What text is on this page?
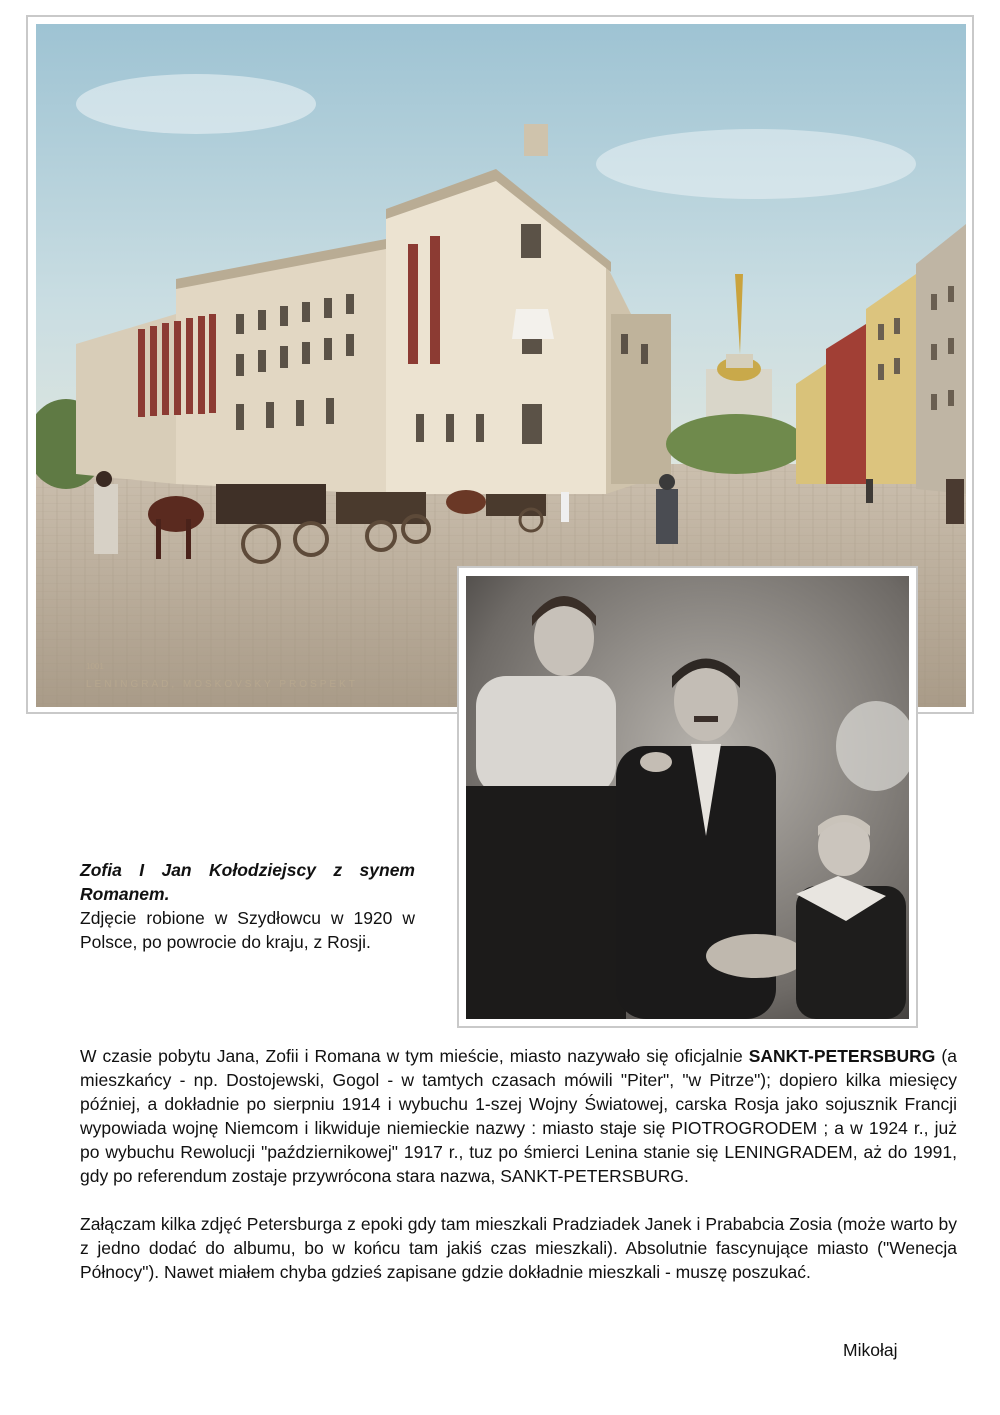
1001
LENINGRAD, MOSKOVSKY PROSPEKT
Zofia I Jan Kołodziejscy z synem Romanem.
Zdjęcie robione w Szydłowcu w 1920 w Polsce, po powrocie do kraju, z Rosji.

W czasie pobytu Jana, Zofii i Romana w tym mieście, miasto nazywało się oficjalnie SANKT-PETERSBURG (a mieszkańcy - np. Dostojewski, Gogol - w tamtych czasach mówili "Piter", "w Pitrze"); dopiero kilka miesięcy później, a dokładnie po sierpniu 1914 i wybuchu 1-szej Wojny Światowej, carska Rosja jako sojusznik Francji wypowiada wojnę Niemcom i likwiduje niemieckie nazwy : miasto staje się PIOTROGRODEM ; a w 1924 r., już po wybuchu Rewolucji "październikowej" 1917 r., tuz po śmierci Lenina stanie się LENINGRADEM, aż do 1991, gdy po referendum zostaje przywrócona stara nazwa, SANKT-PETERSBURG.

Załączam kilka zdjęć Petersburga z epoki gdy tam mieszkali Pradziadek Janek i Prababcia Zosia (może warto by z jedno dodać do albumu, bo w końcu tam jakiś czas mieszkali). Absolutnie fascynujące miasto ("Wenecja Północy"). Nawet miałem chyba gdzieś zapisane gdzie dokładnie mieszkali - muszę poszukać.

Mikołaj
